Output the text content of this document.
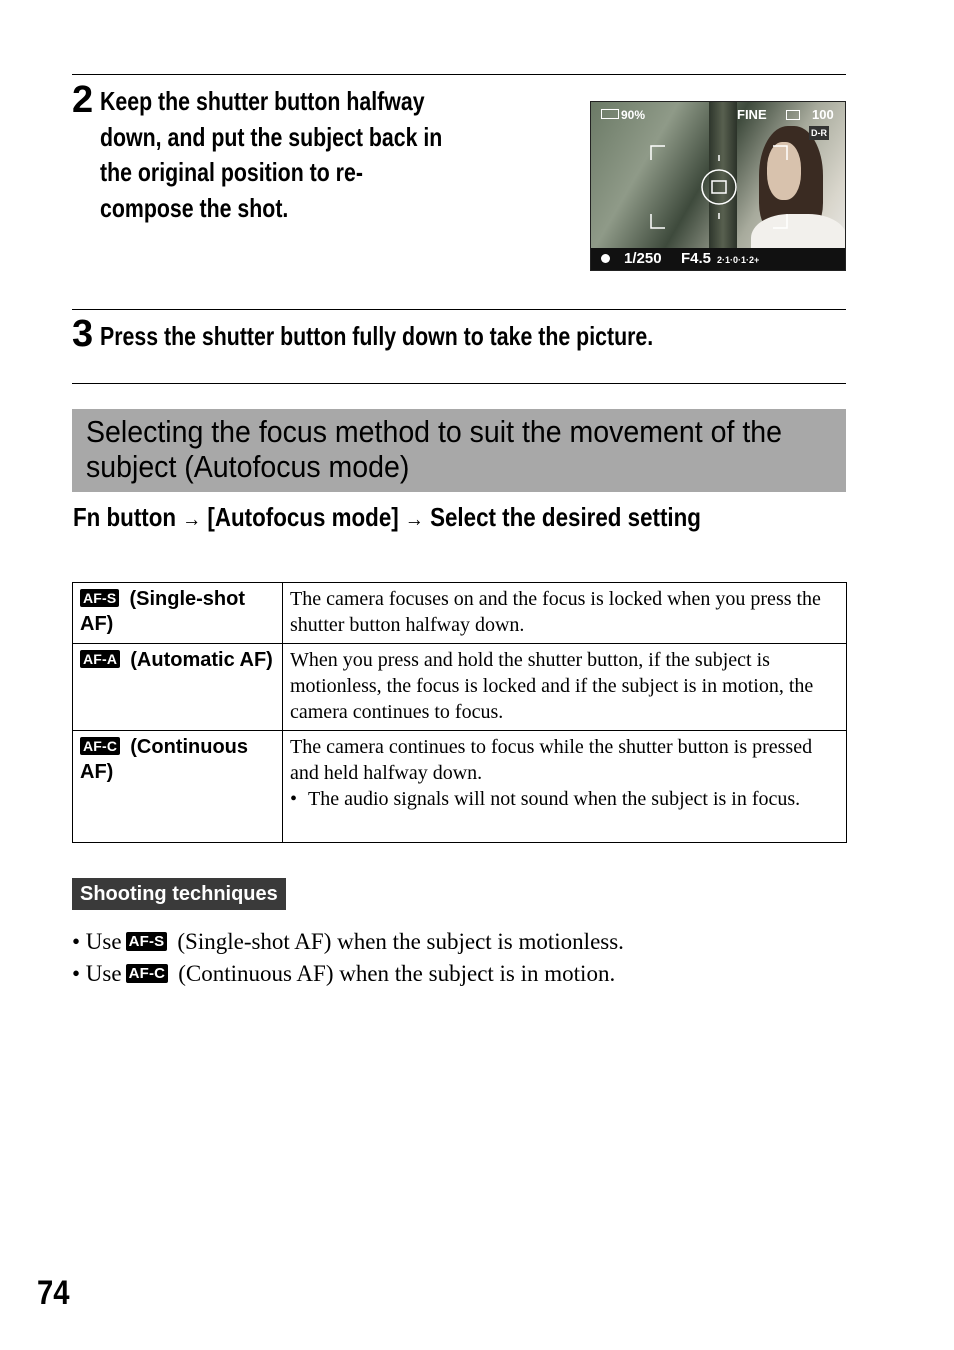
2 Keep the shutter button halfway
down, and put the subject back in
the original position to re-
compose the shot.
90%	FINE	100
D-R
1/250 F4.5 2·1·0·1·2+
3 Press the shutter button fully down to take the picture.
Selecting the focus method to suit the movement of the
subject (Autofocus mode)
Fn button → [Autofocus mode] → Select the desired setting
AF-S (Single-shot AF)	The camera focuses on and the focus is locked when you press the shutter button halfway down.

AF-A (Automatic AF)	When you press and hold the shutter button, if the subject is motionless, the focus is locked and if the subject is in motion, the camera continues to focus.

AF-C (Continuous AF)	The camera continues to focus while the shutter button is pressed and held halfway down.
• The audio signals will not sound when the subject is in focus.
Shooting techniques
• Use AF-S (Single-shot AF) when the subject is motionless.
• Use AF-C (Continuous AF) when the subject is in motion.
74
